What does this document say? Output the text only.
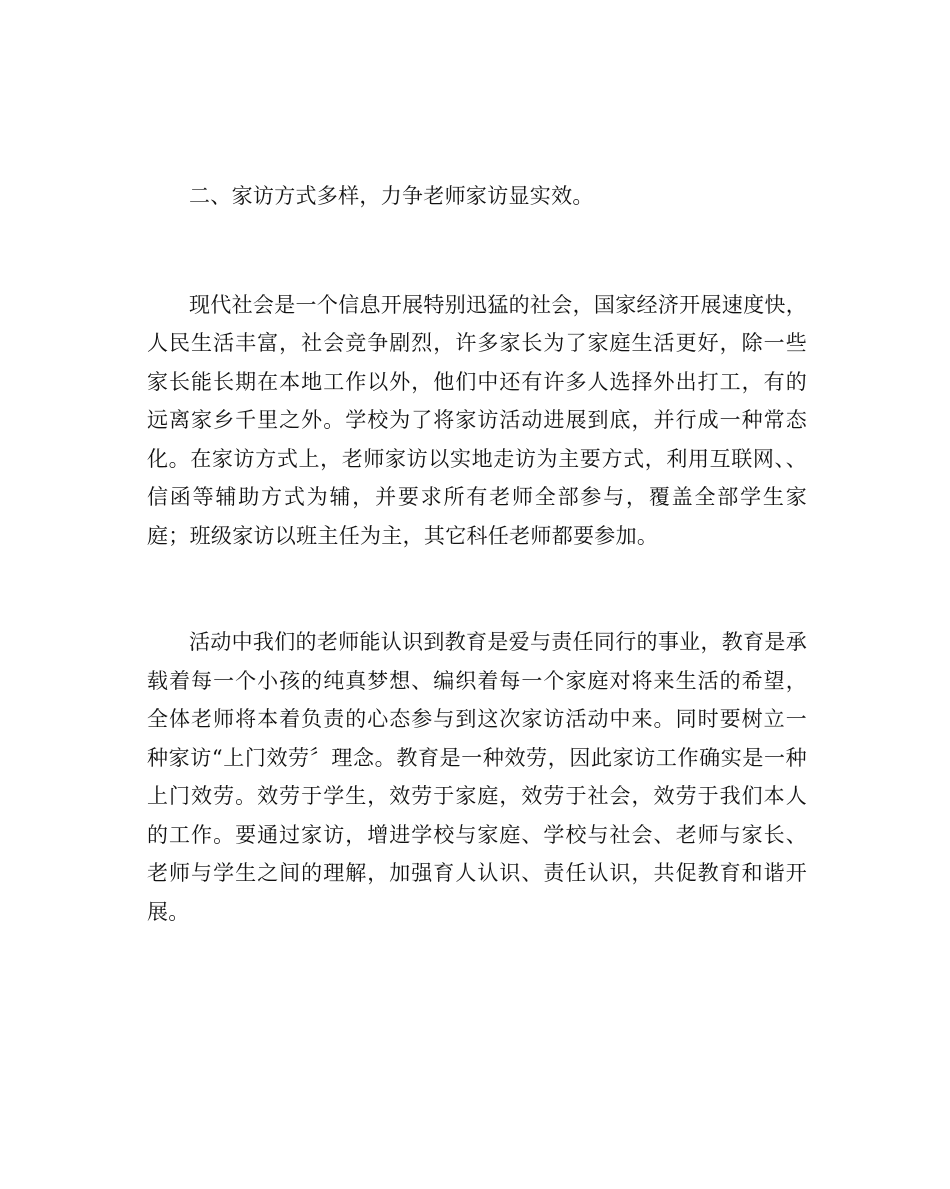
二、家访方式多样，力争老师家访显实效。

现代社会是一个信息开展特别迅猛的社会，国家经济开展速度快，人民生活丰富，社会竞争剧烈，许多家长为了家庭生活更好，除一些家长能长期在本地工作以外，他们中还有许多人选择外出打工，有的远离家乡千里之外。学校为了将家访活动进展到底，并行成一种常态化。在家访方式上，老师家访以实地走访为主要方式，利用互联网、、信函等辅助方式为辅，并要求所有老师全部参与，覆盖全部学生家庭；班级家访以班主任为主，其它科任老师都要参加。

活动中我们的老师能认识到教育是爱与责任同行的事业，教育是承载着每一个小孩的纯真梦想、编织着每一个家庭对将来生活的希望，全体老师将本着负责的心态参与到这次家访活动中来。同时要树立一种家访“上门效劳〞理念。教育是一种效劳，因此家访工作确实是一种上门效劳。效劳于学生，效劳于家庭，效劳于社会，效劳于我们本人的工作。要通过家访，增进学校与家庭、学校与社会、老师与家长、老师与学生之间的理解，加强育人认识、责任认识，共促教育和谐开展。
